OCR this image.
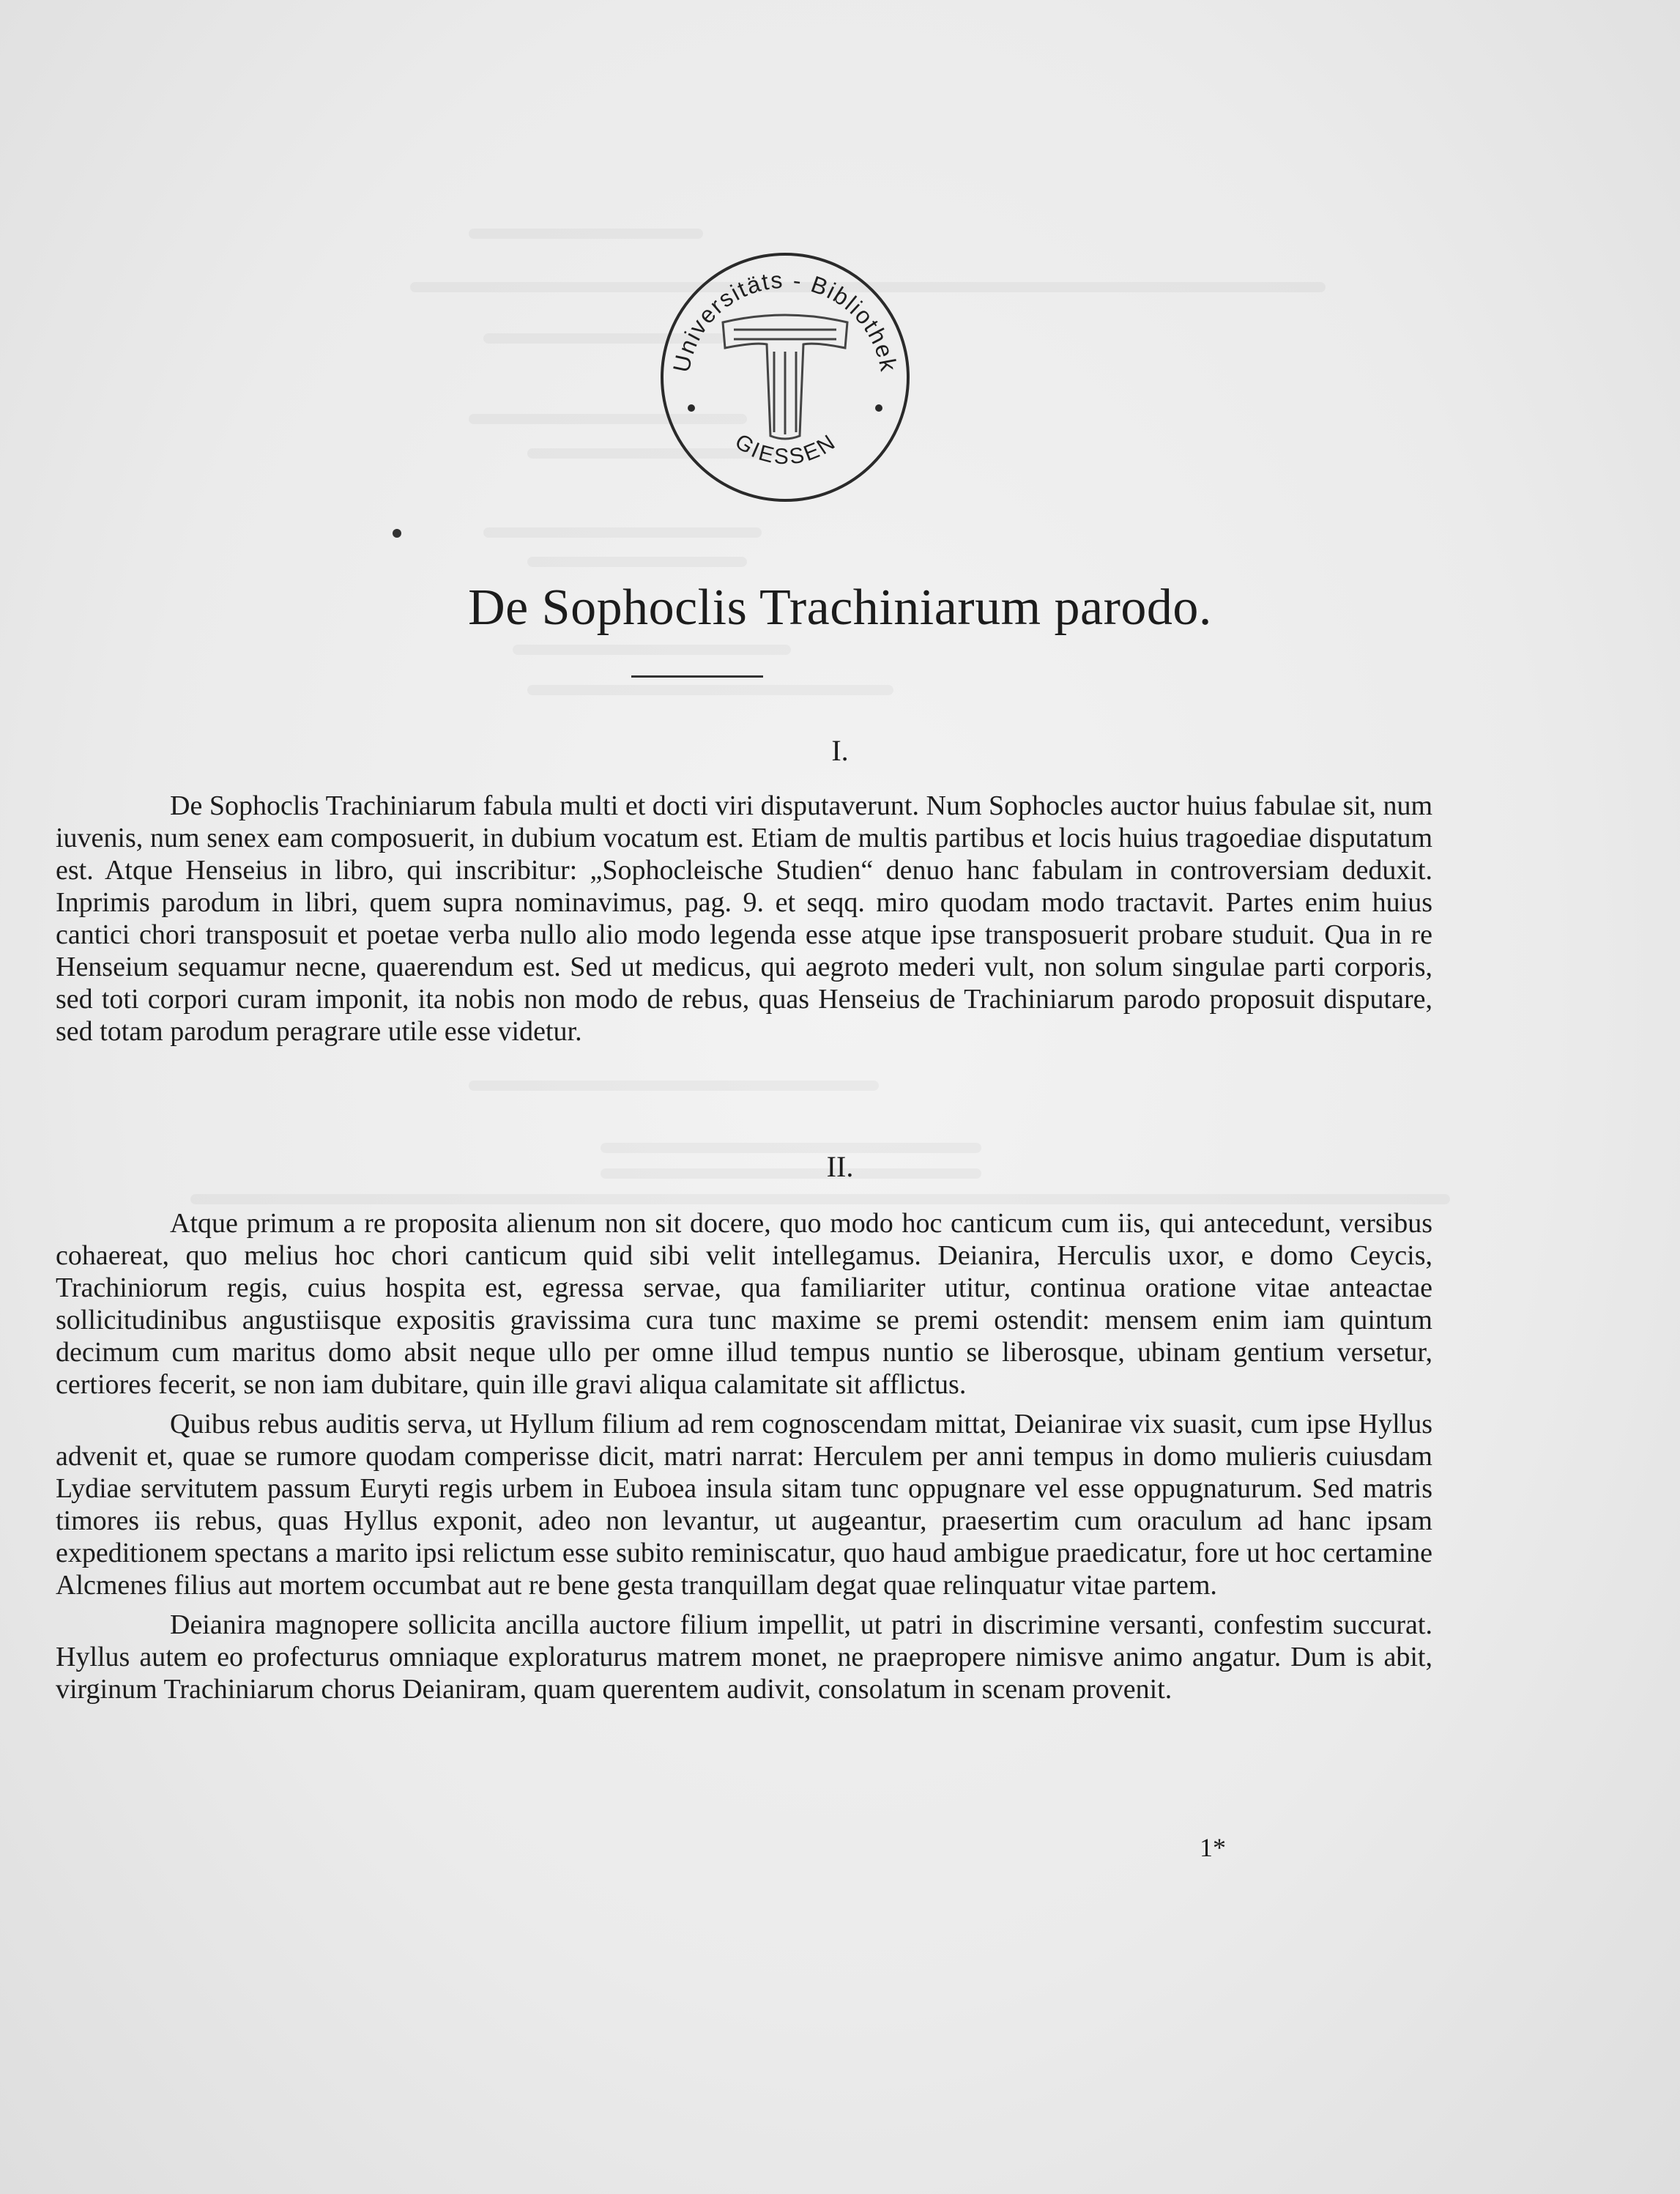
Universitäts - Bibliothek
GIESSEN
De Sophoclis Trachiniarum parodo.
I.

De Sophoclis Trachiniarum fabula multi et docti viri disputaverunt. Num Sophocles auctor huius fabulae sit, num iuvenis, num senex eam composuerit, in dubium vocatum est. Etiam de multis partibus et locis huius tragoediae disputatum est. Atque Henseius in libro, qui inscribitur: „Sophocleische Studien“ denuo hanc fabulam in controversiam deduxit. Inprimis parodum in libri, quem supra nominavimus, pag. 9. et seqq. miro quodam modo tractavit. Partes enim huius cantici chori transposuit et poetae verba nullo alio modo legenda esse atque ipse transposuerit probare studuit. Qua in re Henseium sequamur necne, quaerendum est. Sed ut medicus, qui aegroto mederi vult, non solum singulae parti corporis, sed toti corpori curam imponit, ita nobis non modo de rebus, quas Henseius de Trachiniarum parodo proposuit disputare, sed totam parodum peragrare utile esse videtur.

II.

Atque primum a re proposita alienum non sit docere, quo modo hoc canticum cum iis, qui antecedunt, versibus cohaereat, quo melius hoc chori canticum quid sibi velit intellegamus. Deianira, Herculis uxor, e domo Ceycis, Trachiniorum regis, cuius hospita est, egressa servae, qua familiariter utitur, continua oratione vitae anteactae sollicitudinibus angustiisque expositis gravissima cura tunc maxime se premi ostendit: mensem enim iam quintum decimum cum maritus domo absit neque ullo per omne illud tempus nuntio se liberosque, ubinam gentium versetur, certiores fecerit, se non iam dubitare, quin ille gravi aliqua calamitate sit afflictus.

Quibus rebus auditis serva, ut Hyllum filium ad rem cognoscendam mittat, Deianirae vix suasit, cum ipse Hyllus advenit et, quae se rumore quodam comperisse dicit, matri narrat: Herculem per anni tempus in domo mulieris cuiusdam Lydiae servitutem passum Euryti regis urbem in Euboea insula sitam tunc oppugnare vel esse oppugnaturum. Sed matris timores iis rebus, quas Hyllus exponit, adeo non levantur, ut augeantur, praesertim cum oraculum ad hanc ipsam expeditionem spectans a marito ipsi relictum esse subito reminiscatur, quo haud ambigue praedicatur, fore ut hoc certamine Alcmenes filius aut mortem occumbat aut re bene gesta tranquillam degat quae relinquatur vitae partem.

Deianira magnopere sollicita ancilla auctore filium impellit, ut patri in discrimine versanti, confestim succurat. Hyllus autem eo profecturus omniaque exploraturus matrem monet, ne praepropere nimisve animo angatur. Dum is abit, virginum Trachiniarum chorus Deianiram, quam querentem audivit, consolatum in scenam provenit.

1*
